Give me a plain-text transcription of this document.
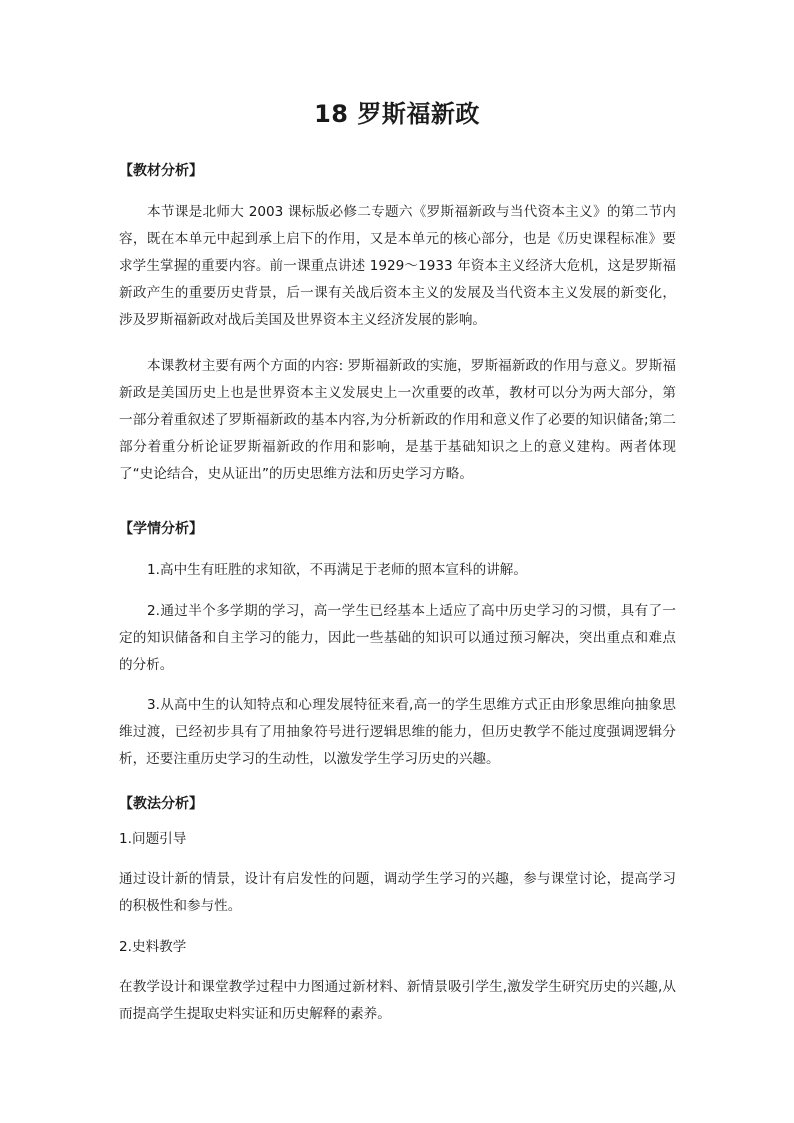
18 罗斯福新政
【教材分析】

本节课是北师大 2003 课标版必修二专题六《罗斯福新政与当代资本主义》的第二节内容，既在本单元中起到承上启下的作用，又是本单元的核心部分，也是《历史课程标准》要求学生掌握的重要内容。前一课重点讲述 1929～1933 年资本主义经济大危机，这是罗斯福新政产生的重要历史背景，后一课有关战后资本主义的发展及当代资本主义发展的新变化，涉及罗斯福新政对战后美国及世界资本主义经济发展的影响。

本课教材主要有两个方面的内容: 罗斯福新政的实施，罗斯福新政的作用与意义。罗斯福新政是美国历史上也是世界资本主义发展史上一次重要的改革，教材可以分为两大部分，第一部分着重叙述了罗斯福新政的基本内容,为分析新政的作用和意义作了必要的知识储备;第二部分着重分析论证罗斯福新政的作用和影响，是基于基础知识之上的意义建构。两者体现了“史论结合，史从证出”的历史思维方法和历史学习方略。

【学情分析】

1.高中生有旺胜的求知欲，不再满足于老师的照本宣科的讲解。

2.通过半个多学期的学习，高一学生已经基本上适应了高中历史学习的习惯，具有了一定的知识储备和自主学习的能力，因此一些基础的知识可以通过预习解决，突出重点和难点的分析。

3.从高中生的认知特点和心理发展特征来看,高一的学生思维方式正由形象思维向抽象思维过渡，已经初步具有了用抽象符号进行逻辑思维的能力，但历史教学不能过度强调逻辑分析，还要注重历史学习的生动性，以激发学生学习历史的兴趣。

【教法分析】

1.问题引导

通过设计新的情景，设计有启发性的问题，调动学生学习的兴趣，参与课堂讨论，提高学习的积极性和参与性。

2.史料教学

在教学设计和课堂教学过程中力图通过新材料、新情景吸引学生,激发学生研究历史的兴趣,从而提高学生提取史料实证和历史解释的素养。
